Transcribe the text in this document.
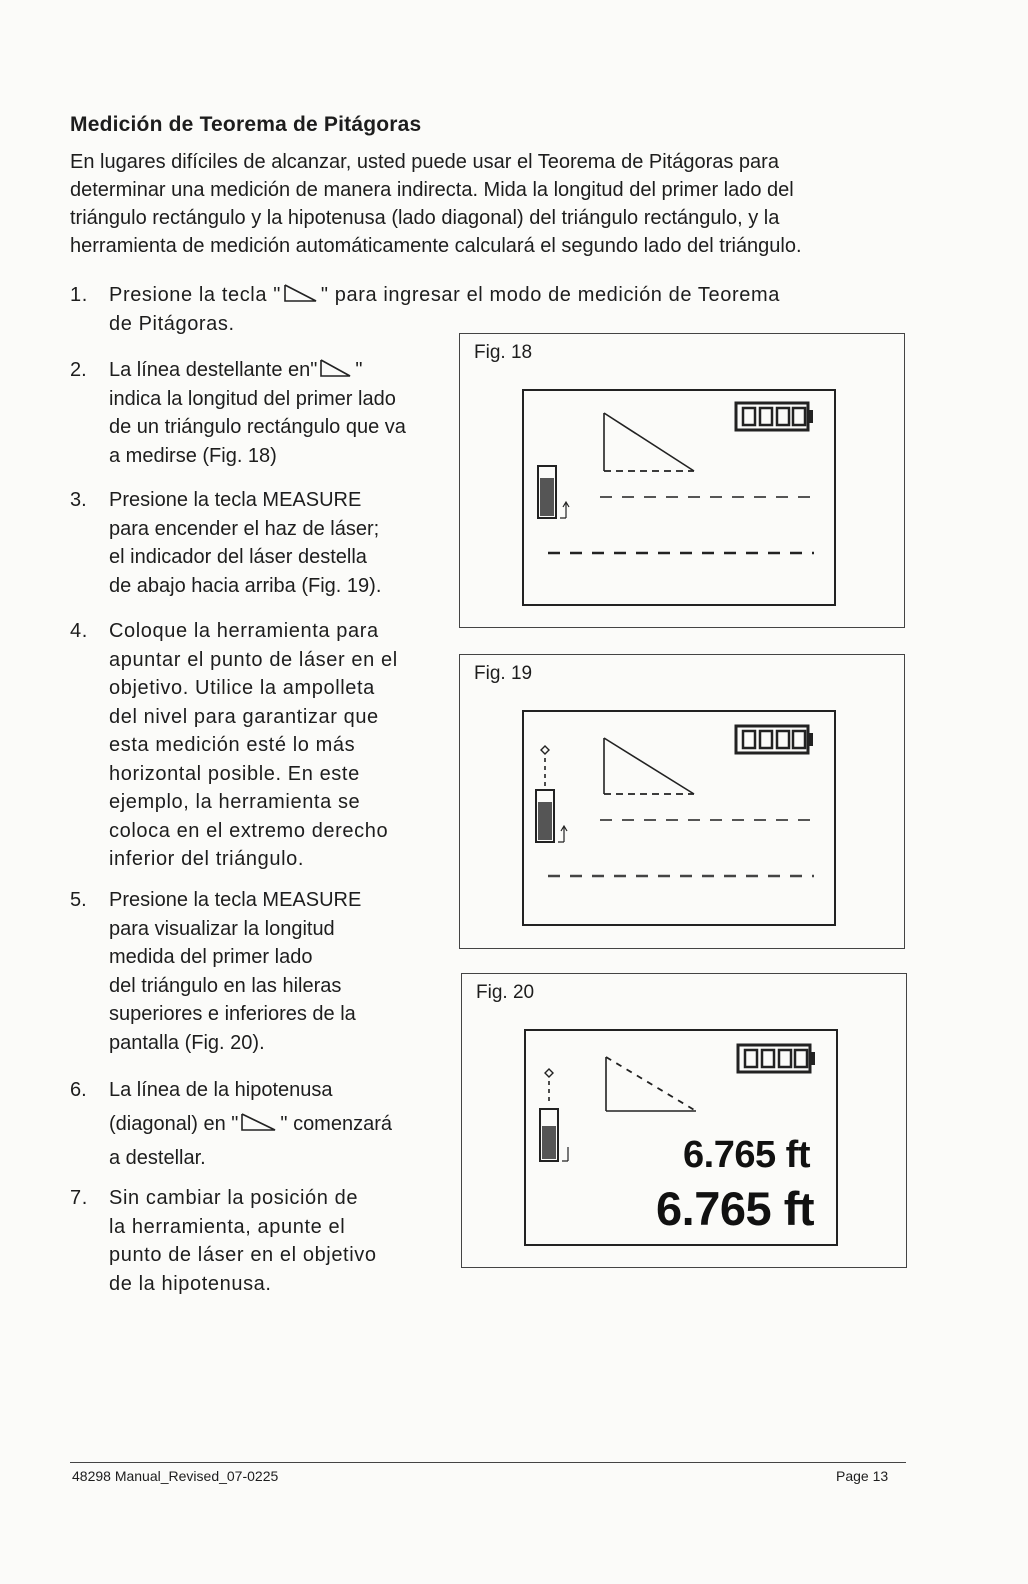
Medición de Teorema de Pitágoras
En lugares difíciles de alcanzar, usted puede usar el Teorema de Pitágoras para
determinar una medición de manera indirecta. Mida la longitud del primer lado del
triángulo rectángulo y la hipotenusa (lado diagonal) del triángulo rectángulo, y la
herramienta de medición automáticamente calculará el segundo lado del triángulo.
1.	Presione la tecla " " para ingresar el modo de medición de Teorema
de Pitágoras.
2.	La línea destellante en" "
indica la longitud del primer lado
de un triángulo rectángulo que va
a medirse (Fig. 18)
3.	Presione la tecla MEASURE
para encender el haz de láser;
el indicador del láser destella
de abajo hacia arriba (Fig. 19).
4.	Coloque la herramienta para
apuntar el punto de láser en el
objetivo. Utilice la ampolleta
del nivel para garantizar que
esta medición esté lo más
horizontal posible. En este
ejemplo, la herramienta se
coloca en el extremo derecho
inferior del triángulo.
5.	Presione la tecla MEASURE
para visualizar la longitud
medida del primer lado
del triángulo en las hileras
superiores e inferiores de la
pantalla (Fig. 20).
6.	La línea de la hipotenusa
(diagonal) en " " comenzará
a destellar.
7.	Sin cambiar la posición de
la herramienta, apunte el
punto de láser en el objetivo
de la hipotenusa.
Fig. 18
Fig. 19
Fig. 20
6.765 ft
6.765 ft
48298 Manual_Revised_07-0225	Page 13
